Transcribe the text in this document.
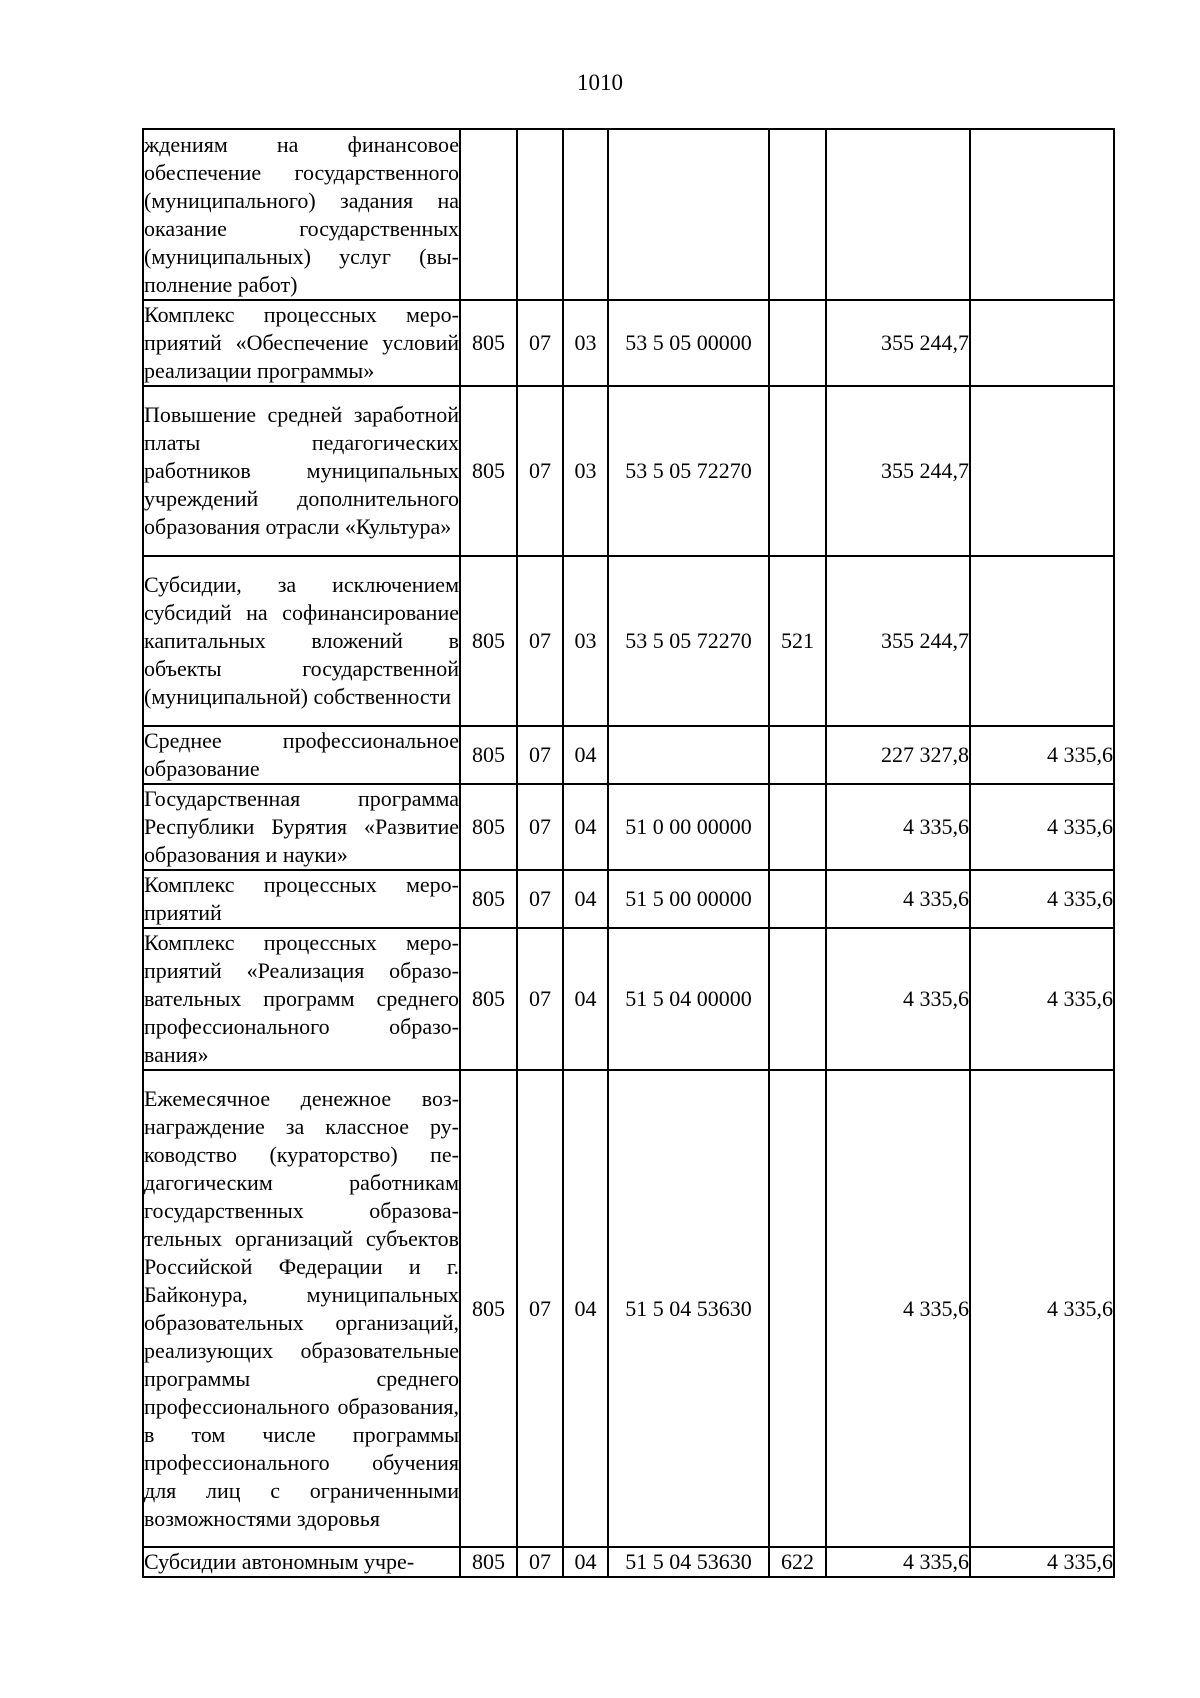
1010
ждениям на финансовое обеспечение государственного (муниципального) задания на оказание государственных (муниципальных) услуг (выполнение работ)							
Комплекс процессных мероприятий «Обеспечение условий реализации программы»	805	07	03	53 5 05 00000		355 244,7	
Повышение средней заработной платы педагогических работников муниципальных учреждений дополнительного образования отрасли «Культура»	805	07	03	53 5 05 72270		355 244,7	
Субсидии, за исключением субсидий на софинансирование капитальных вложений в объекты государственной (муниципальной) собственности	805	07	03	53 5 05 72270	521	355 244,7	
Среднее профессиональное образование	805	07	04			227 327,8	4 335,6
Государственная программа Республики Бурятия «Развитие образования и науки»	805	07	04	51 0 00 00000		4 335,6	4 335,6
Комплекс процессных мероприятий	805	07	04	51 5 00 00000		4 335,6	4 335,6
Комплекс процессных мероприятий «Реализация образовательных программ среднего профессионального образования»	805	07	04	51 5 04 00000		4 335,6	4 335,6
Ежемесячное денежное вознаграждение за классное руководство (кураторство) педагогическим работникам государственных образовательных организаций субъектов Российской Федерации и г. Байконура, муниципальных образовательных организаций, реализующих образовательные программы среднего профессионального образования, в том числе программы профессионального обучения для лиц с ограниченными возможностями здоровья	805	07	04	51 5 04 53630		4 335,6	4 335,6
Субсидии автономным учре-	805	07	04	51 5 04 53630	622	4 335,6	4 335,6
